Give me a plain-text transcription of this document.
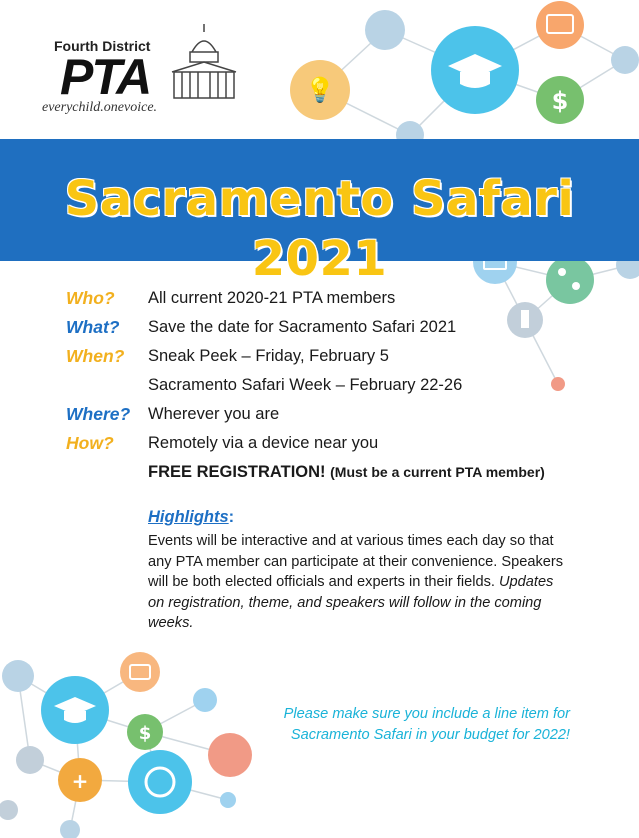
💡	$
$
+
Fourth District
PTA
everychild.onevoice.
Sacramento Safari 2021
Who? All current 2020-21 PTA members
What? Save the date for Sacramento Safari 2021
When? Sneak Peek – Friday, February 5
Sacramento Safari Week – February 22-26
Where? Wherever you are
How? Remotely via a device near you
FREE REGISTRATION! (Must be a current PTA member)
Highlights:

Events will be interactive and at various times each day so that any PTA member can participate at their convenience. Speakers will be both elected officials and experts in their fields. Updates on registration, theme, and speakers will follow in the coming weeks.

Please make sure you include a line item for
Sacramento Safari in your budget for 2022!
